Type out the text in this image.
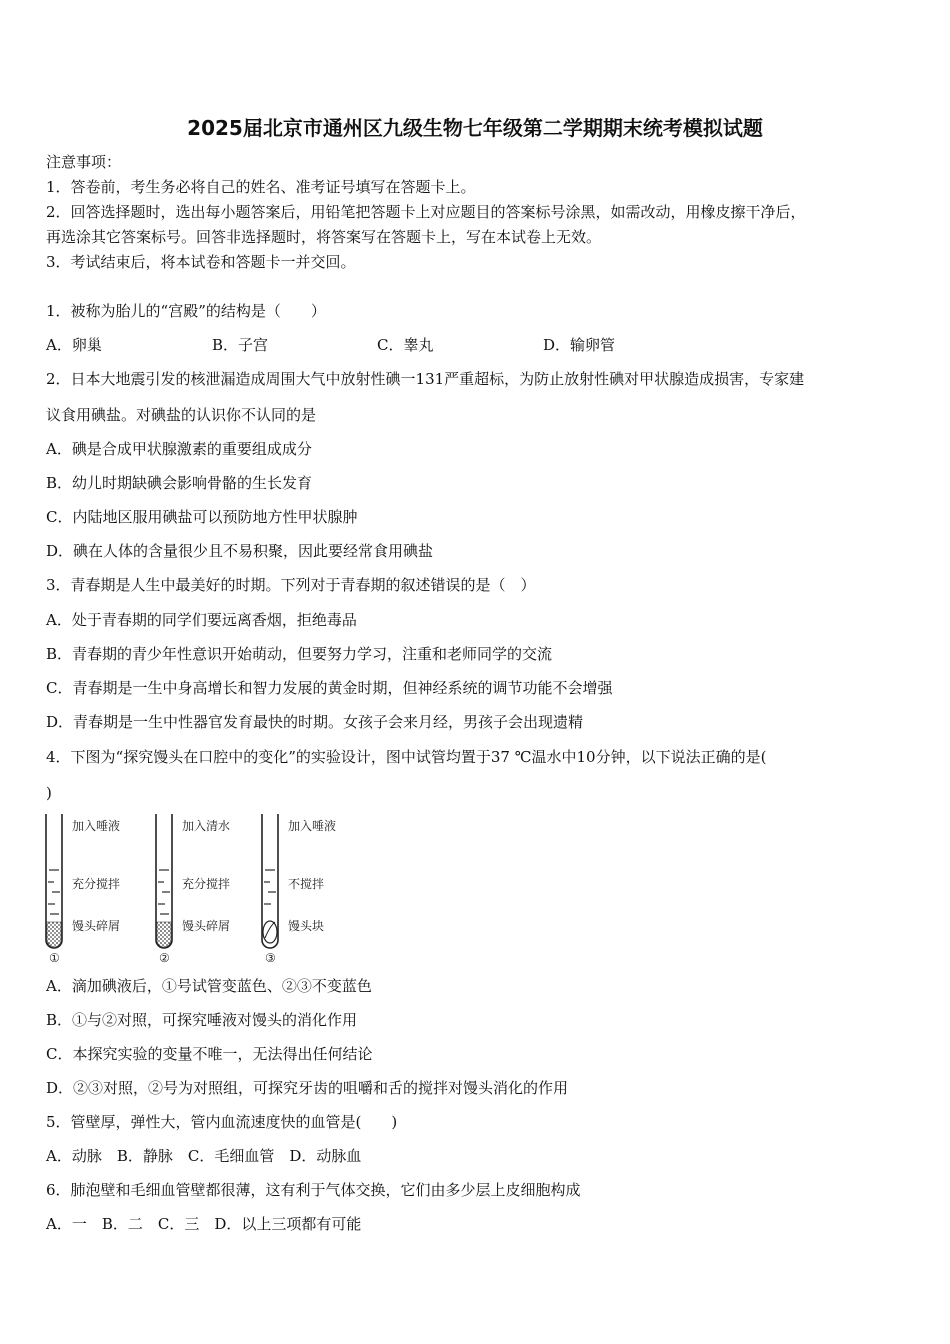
2025届北京市通州区九级生物七年级第二学期期末统考模拟试题
注意事项：
1．答卷前，考生务必将自己的姓名、准考证号填写在答题卡上。
2．回答选择题时，选出每小题答案后，用铅笔把答题卡上对应题目的答案标号涂黑，如需改动，用橡皮擦干净后，
再选涂其它答案标号。回答非选择题时，将答案写在答题卡上，写在本试卷上无效。
3．考试结束后，将本试卷和答题卡一并交回。
1．被称为胎儿的“宫殿”的结构是（　　）
A．卵巢	B．子宫	C．睾丸	D．输卵管
2．日本大地震引发的核泄漏造成周围大气中放射性碘一131严重超标，为防止放射性碘对甲状腺造成损害，专家建
议食用碘盐。对碘盐的认识你不认同的是
A．碘是合成甲状腺激素的重要组成成分
B．幼儿时期缺碘会影响骨骼的生长发育
C．内陆地区服用碘盐可以预防地方性甲状腺肿
D．碘在人体的含量很少且不易积聚，因此要经常食用碘盐
3．青春期是人生中最美好的时期。下列对于青春期的叙述错误的是（　）
A．处于青春期的同学们要远离香烟，拒绝毒品
B．青春期的青少年性意识开始萌动，但要努力学习，注重和老师同学的交流
C．青春期是一生中身高增长和智力发展的黄金时期，但神经系统的调节功能不会增强
D．青春期是一生中性器官发育最快的时期。女孩子会来月经，男孩子会出现遗精
4．下图为“探究馒头在口腔中的变化”的实验设计，图中试管均置于37 ℃温水中10分钟，以下说法正确的是(
)
加入唾液
充分搅拌
馒头碎屑
①
加入清水
充分搅拌
馒头碎屑
②
加入唾液
不搅拌
馒头块
③
A．滴加碘液后，①号试管变蓝色、②③不变蓝色
B．①与②对照，可探究唾液对馒头的消化作用
C．本探究实验的变量不唯一，无法得出任何结论
D．②③对照，②号为对照组，可探究牙齿的咀嚼和舌的搅拌对馒头消化的作用
5．管壁厚，弹性大，管内血流速度快的血管是(　　)
A．动脉　B．静脉　C．毛细血管　D．动脉血
6．肺泡壁和毛细血管壁都很薄，这有利于气体交换，它们由多少层上皮细胞构成
A．一　B．二　C．三　D．以上三项都有可能
